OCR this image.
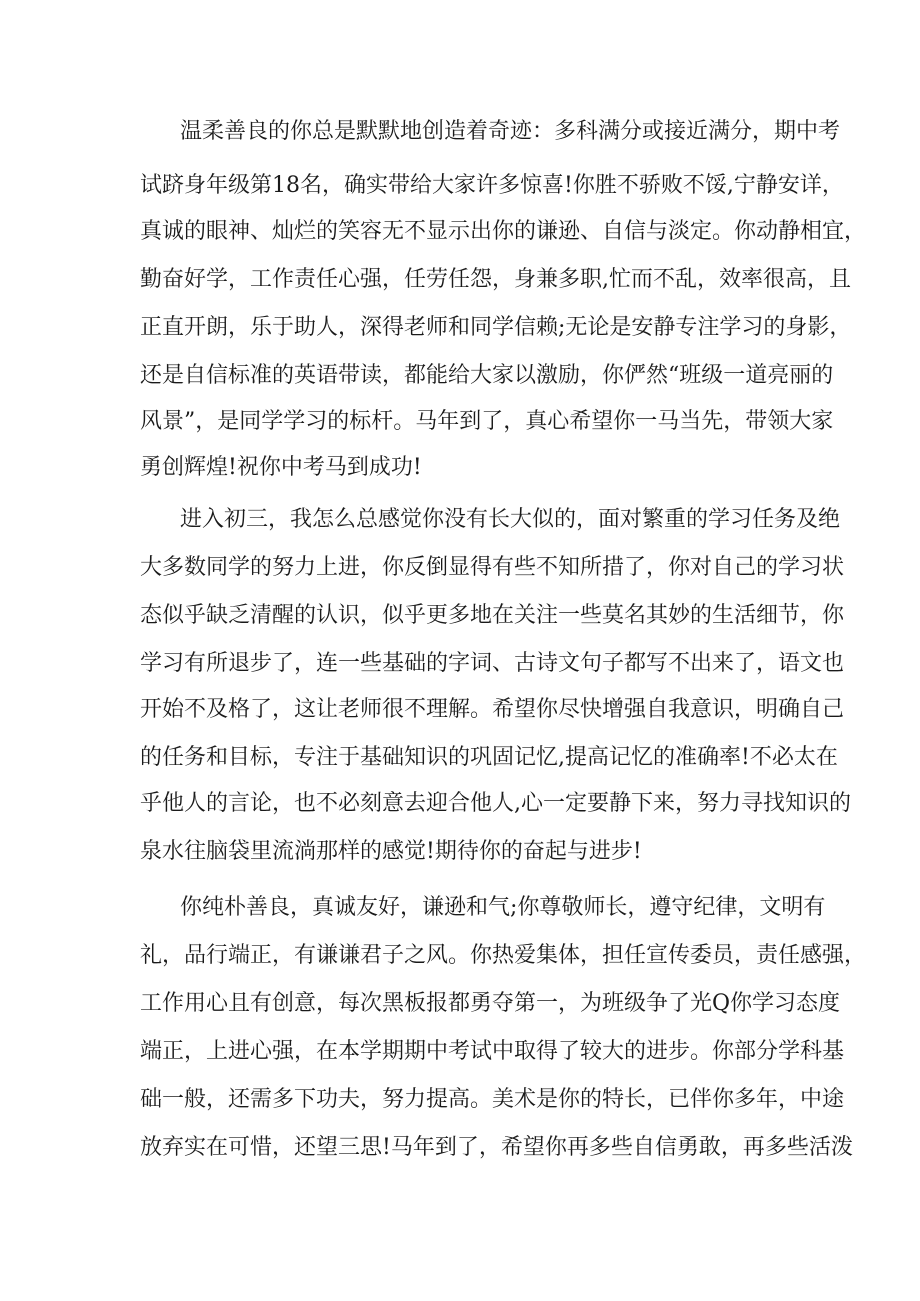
温柔善良的你总是默默地创造着奇迹：多科满分或接近满分，期中考
试跻身年级第18名，确实带给大家许多惊喜!你胜不骄败不馁,宁静安详，
真诚的眼神、灿烂的笑容无不显示出你的谦逊、自信与淡定。你动静相宜，
勤奋好学，工作责任心强，任劳任怨，身兼多职,忙而不乱，效率很高，且
正直开朗，乐于助人，深得老师和同学信赖;无论是安静专注学习的身影，
还是自信标准的英语带读，都能给大家以激励，你俨然“班级一道亮丽的
风景”，是同学学习的标杆。马年到了，真心希望你一马当先，带领大家
勇创辉煌!祝你中考马到成功!
进入初三，我怎么总感觉你没有长大似的，面对繁重的学习任务及绝
大多数同学的努力上进，你反倒显得有些不知所措了，你对自己的学习状
态似乎缺乏清醒的认识，似乎更多地在关注一些莫名其妙的生活细节，你
学习有所退步了，连一些基础的字词、古诗文句子都写不出来了，语文也
开始不及格了，这让老师很不理解。希望你尽快增强自我意识，明确自己
的任务和目标，专注于基础知识的巩固记忆,提高记忆的准确率!不必太在
乎他人的言论，也不必刻意去迎合他人,心一定要静下来，努力寻找知识的
泉水往脑袋里流淌那样的感觉!期待你的奋起与进步!
你纯朴善良，真诚友好，谦逊和气;你尊敬师长，遵守纪律，文明有
礼，品行端正，有谦谦君子之风。你热爱集体，担任宣传委员，责任感强，
工作用心且有创意，每次黑板报都勇夺第一，为班级争了光Q你学习态度
端正，上进心强，在本学期期中考试中取得了较大的进步。你部分学科基
础一般，还需多下功夫，努力提高。美术是你的特长，已伴你多年，中途
放弃实在可惜，还望三思!马年到了，希望你再多些自信勇敢，再多些活泼
